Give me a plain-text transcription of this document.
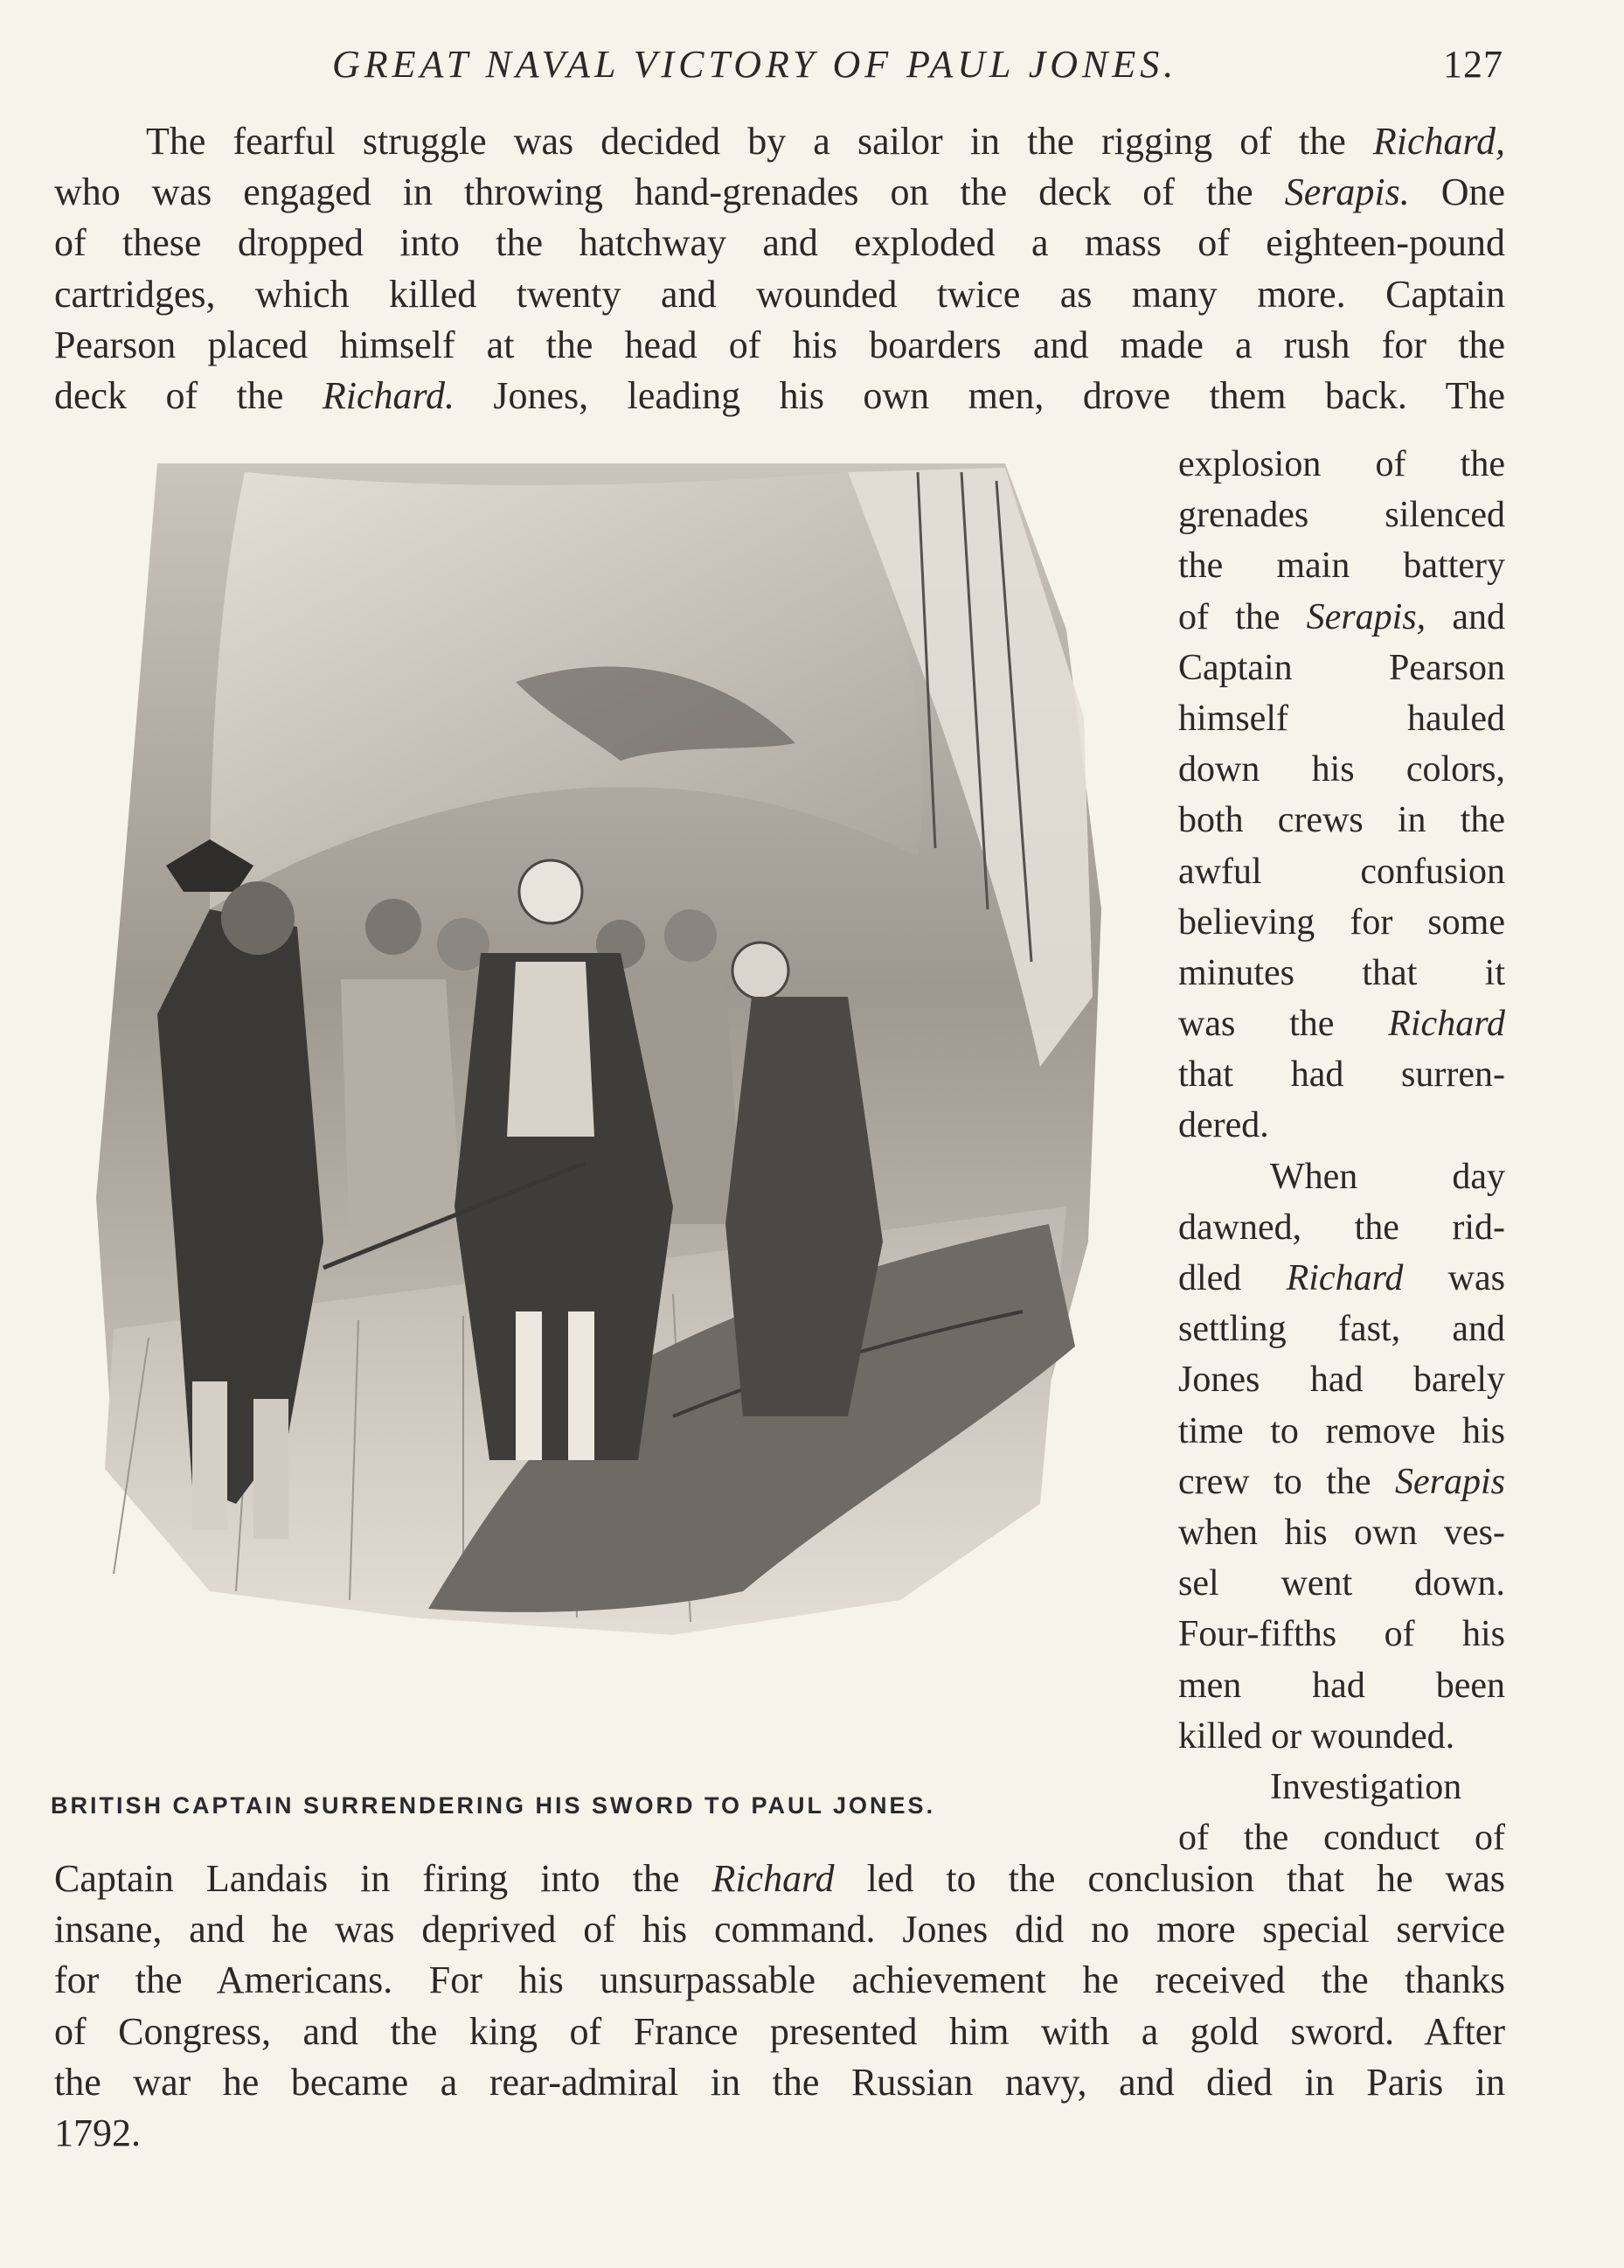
GREAT NAVAL VICTORY OF PAUL JONES.	127
The fearful struggle was decided by a sailor in the rigging of the Richard,
who was engaged in throwing hand-grenades on the deck of the Serapis. One
of these dropped into the hatchway and exploded a mass of eighteen-pound
cartridges, which killed twenty and wounded twice as many more. Captain
Pearson placed himself at the head of his boarders and made a rush for the
deck of the Richard. Jones, leading his own men, drove them back. The
BRITISH CAPTAIN SURRENDERING HIS SWORD TO PAUL JONES.
explosion of the
grenades silenced
the main battery
of the Serapis, and
Captain Pearson
himself hauled
down his colors,
both crews in the
awful confusion
believing for some
minutes that it
was the Richard
that had surren-
dered.
When day
dawned, the rid-
dled Richard was
settling fast, and
Jones had barely
time to remove his
crew to the Serapis
when his own ves-
sel went down.
Four-fifths of his
men had been
killed or wounded.
Investigation
of the conduct of
Captain Landais in firing into the Richard led to the conclusion that he was
insane, and he was deprived of his command. Jones did no more special service
for the Americans. For his unsurpassable achievement he received the thanks
of Congress, and the king of France presented him with a gold sword. After
the war he became a rear-admiral in the Russian navy, and died in Paris in
1792.
